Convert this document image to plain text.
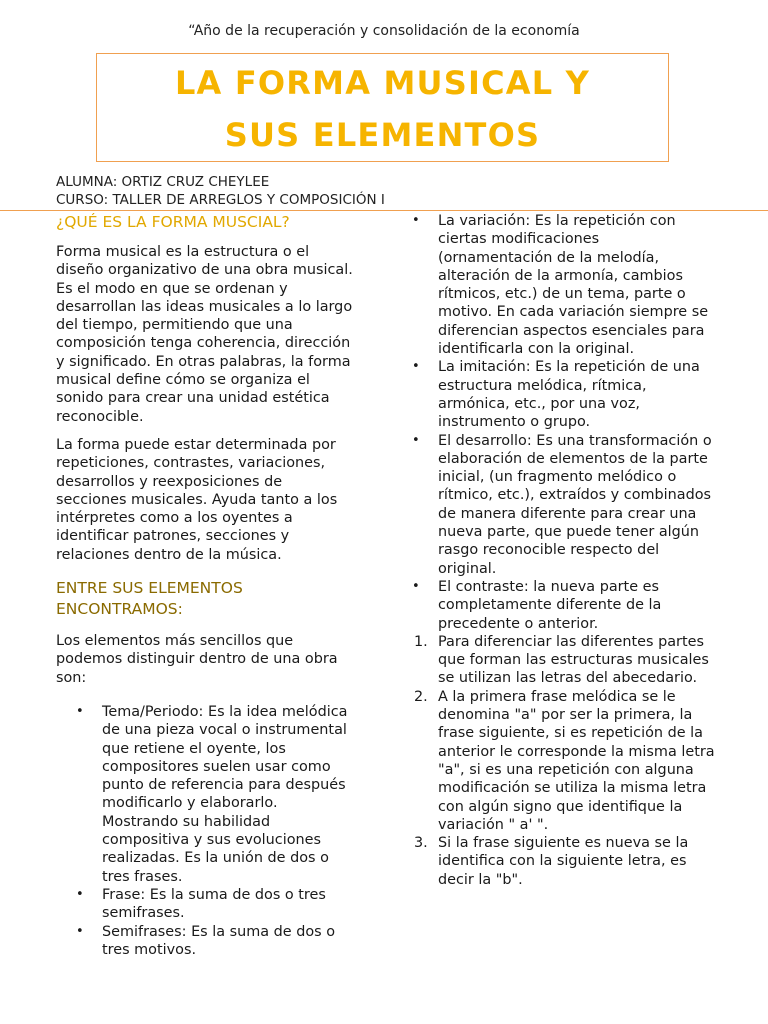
“Año de la recuperación y consolidación de la economía
LA FORMA MUSICAL Y
SUS ELEMENTOS
ALUMNA: ORTIZ CRUZ CHEYLEE
CURSO: TALLER DE ARREGLOS Y COMPOSICIÓN I
¿QUÉ ES LA FORMA MUSCIAL?

Forma musical es la estructura o el diseño organizativo de una obra musical. Es el modo en que se ordenan y desarrollan las ideas musicales a lo largo del tiempo, permitiendo que una composición tenga coherencia, dirección y significado. En otras palabras, la forma musical define cómo se organiza el sonido para crear una unidad estética reconocible.

La forma puede estar determinada por repeticiones, contrastes, variaciones, desarrollos y reexposiciones de secciones musicales. Ayuda tanto a los intérpretes como a los oyentes a identificar patrones, secciones y relaciones dentro de la música.

ENTRE SUS ELEMENTOS
ENCONTRAMOS:

Los elementos más sencillos que podemos distinguir dentro de una obra son:

• Tema/Periodo: Es la idea melódica de una pieza vocal o instrumental que retiene el oyente, los compositores suelen usar como punto de referencia para después modificarlo y elaborarlo. Mostrando su habilidad compositiva y sus evoluciones realizadas. Es la unión de dos o tres frases.
• Frase: Es la suma de dos o tres semifrases.
• Semifrases: Es la suma de dos o tres motivos.
• La variación: Es la repetición con ciertas modificaciones (ornamentación de la melodía, alteración de la armonía, cambios rítmicos, etc.) de un tema, parte o motivo. En cada variación siempre se diferencian aspectos esenciales para identificarla con la original.
• La imitación: Es la repetición de una estructura melódica, rítmica, armónica, etc., por una voz, instrumento o grupo.
• El desarrollo: Es una transformación o elaboración de elementos de la parte inicial, (un fragmento melódico o rítmico, etc.), extraídos y combinados de manera diferente para crear una nueva parte, que puede tener algún rasgo reconocible respecto del original.
• El contraste: la nueva parte es completamente diferente de la precedente o anterior.
1. Para diferenciar las diferentes partes que forman las estructuras musicales se utilizan las letras del abecedario.
2. A la primera frase melódica se le denomina "a" por ser la primera, la frase siguiente, si es repetición de la anterior le corresponde la misma letra "a", si es una repetición con alguna modificación se utiliza la misma letra con algún signo que identifique la variación " a' ".
3. Si la frase siguiente es nueva se la identifica con la siguiente letra, es decir la "b".
